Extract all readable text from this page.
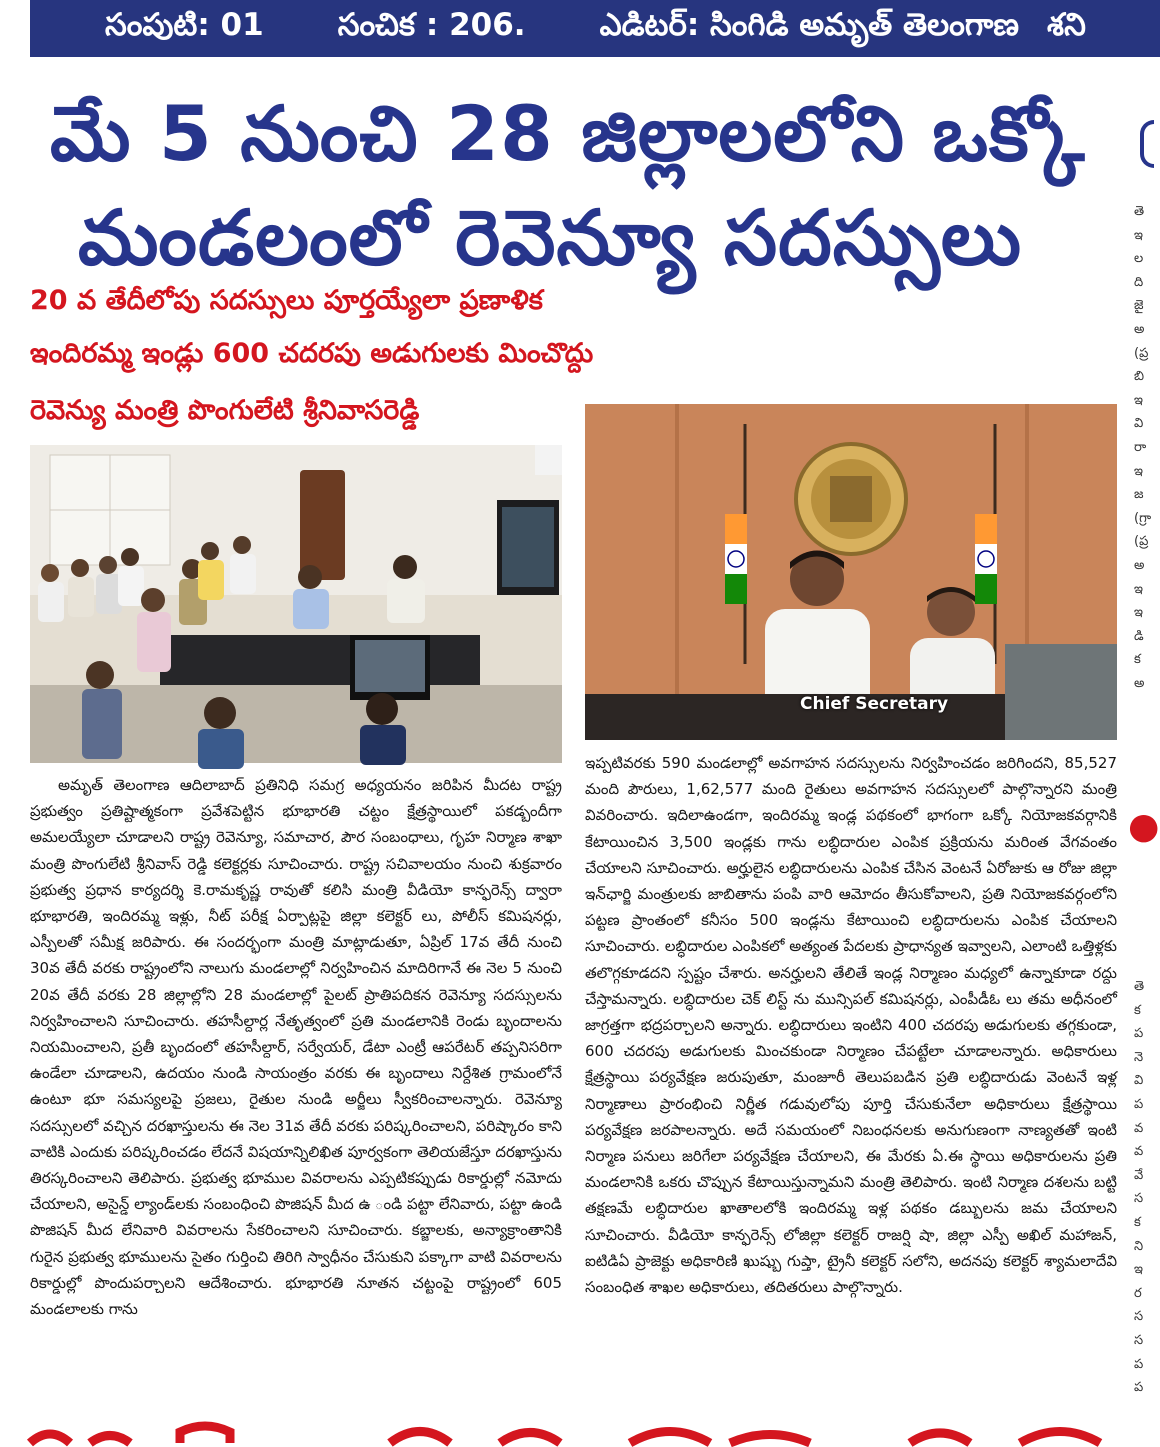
సంపుటి: 01 సంచిక : 206. ఎడిటర్: సింగిడి అమృత్ తెలంగాణ శని
మే 5 నుంచి 28 జిల్లాలలోని ఒక్కో
మండలంలో రెవెన్యూ సదస్సులు
20 వ తేదీలోపు సదస్సులు పూర్తయ్యేలా ప్రణాళిక
ఇందిరమ్మ ఇండ్లు 600 చదరపు అడుగులకు మించొద్దు
రెవెన్యు మంత్రి పొంగులేటి శ్రీనివాసరెడ్డి
Chief Secretary

అమృత్ తెలంగాణ ఆదిలాబాద్ ప్రతినిధి సమగ్ర అధ్యయనం జరిపిన మీదట రాష్ట్ర ప్రభుత్వం ప్రతిష్టాత్మకంగా ప్రవేశపెట్టిన భూభారతి చట్టం క్షేత్రస్థాయిలో పకడ్బందీగా అమలయ్యేలా చూడాలని రాష్ట్ర రెవెన్యూ, సమాచార, పౌర సంబంధాలు, గృహ నిర్మాణ శాఖా మంత్రి పొంగులేటి శ్రీనివాస్ రెడ్డి కలెక్టర్లకు సూచించారు. రాష్ట్ర సచివాలయం నుంచి శుక్రవారం ప్రభుత్వ ప్రధాన కార్యదర్శి కె.రామకృష్ణ రావుతో కలిసి మంత్రి వీడియో కాన్ఫరెన్స్ ద్వారా భూభారతి, ఇందిరమ్మ ఇళ్లు, నీట్ పరీక్ష ఏర్పాట్లపై జిల్లా కలెక్టర్ లు, పోలీస్ కమిషనర్లు, ఎస్పీలతో సమీక్ష జరిపారు. ఈ సందర్భంగా మంత్రి మాట్లాడుతూ, ఏప్రిల్ 17వ తేదీ నుంచి 30వ తేదీ వరకు రాష్ట్రంలోని నాలుగు మండలాల్లో నిర్వహించిన మాదిరిగానే ఈ నెల 5 నుంచి 20వ తేదీ వరకు 28 జిల్లాల్లోని 28 మండలాల్లో పైలట్ ప్రాతిపదికన రెవెన్యూ సదస్సులను నిర్వహించాలని సూచించారు. తహసీల్దార్ల నేతృత్వంలో ప్రతి మండలానికి రెండు బృందాలను నియమించాలని, ప్రతీ బృందంలో తహసీల్దార్, సర్వేయర్, డేటా ఎంట్రీ ఆపరేటర్ తప్పనిసరిగా ఉండేలా చూడాలని, ఉదయం నుండి సాయంత్రం వరకు ఈ బృందాలు నిర్దేశిత గ్రామంలోనే ఉంటూ భూ సమస్యలపై ప్రజలు, రైతుల నుండి అర్జీలు స్వీకరించాలన్నారు. రెవెన్యూ సదస్సులలో వచ్చిన దరఖాస్తులను ఈ నెల 31వ తేదీ వరకు పరిష్కరించాలని, పరిష్కారం కాని వాటికి ఎందుకు పరిష్కరించడం లేదనే విషయాన్నిలిఖిత పూర్వకంగా తెలియజేస్తూ దరఖాస్తును తిరస్కరించాలని తెలిపారు. ప్రభుత్వ భూముల వివరాలను ఎప్పటికప్పుడు రికార్డుల్లో నమోదు చేయాలని, అసైన్డ్ ల్యాండ్‌లకు సంబంధించి పొజిషన్ మీద ఉ ండి పట్టా లేనివారు, పట్టా ఉండి పొజిషన్ మీద లేనివారి వివరాలను సేకరించాలని సూచించారు. కబ్జాలకు, అన్యాక్రాంతానికి గురైన ప్రభుత్వ భూములను సైతం గుర్తించి తిరిగి స్వాధీనం చేసుకుని పక్కాగా వాటి వివరాలను రికార్డుల్లో పొందుపర్చాలని ఆదేశించారు. భూభారతి నూతన చట్టంపై రాష్ట్రంలో 605 మండలాలకు గాను

ఇప్పటివరకు 590 మండలాల్లో అవగాహన సదస్సులను నిర్వహించడం జరిగిందని, 85,527 మంది పౌరులు, 1,62,577 మంది రైతులు అవగాహన సదస్సులలో పాల్గొన్నారని మంత్రి వివరించారు. ఇదిలాఉండగా, ఇందిరమ్మ ఇండ్ల పథకంలో భాగంగా ఒక్కో నియోజకవర్గానికి కేటాయించిన 3,500 ఇండ్లకు గాను లబ్ధిదారుల ఎంపిక ప్రక్రియను మరింత వేగవంతం చేయాలని సూచించారు. అర్హులైన లబ్ధిదారులను ఎంపిక చేసిన వెంటనే ఏరోజుకు ఆ రోజు జిల్లా ఇన్‌ఛార్జి మంత్రులకు జాబితాను పంపి వారి ఆమోదం తీసుకోవాలని, ప్రతి నియోజకవర్గంలోని పట్టణ ప్రాంతంలో కనీసం 500 ఇండ్లను కేటాయించి లబ్ధిదారులను ఎంపిక చేయాలని సూచించారు. లబ్ధిదారుల ఎంపికలో అత్యంత పేదలకు ప్రాధాన్యత ఇవ్వాలని, ఎలాంటి ఒత్తిళ్లకు తలొగ్గకూడదని స్పష్టం చేశారు. అనర్హులని తేలితే ఇండ్ల నిర్మాణం మధ్యలో ఉన్నాకూడా రద్దు చేస్తామన్నారు. లబ్ధిదారుల చెక్ లిస్ట్ ను మున్సిపల్ కమిషనర్లు, ఎంపీడీఓ లు తమ అధీనంలో జాగ్రత్తగా భద్రపర్చాలని అన్నారు. లబ్ధిదారులు ఇంటిని 400 చదరపు అడుగులకు తగ్గకుండా, 600 చదరపు అడుగులకు మించకుండా నిర్మాణం చేపట్టేలా చూడాలన్నారు. అధికారులు క్షేత్రస్థాయి పర్యవేక్షణ జరుపుతూ, మంజూరీ తెలుపబడిన ప్రతి లబ్ధిదారుడు వెంటనే ఇళ్ల నిర్మాణాలు ప్రారంభించి నిర్ణీత గడువులోపు పూర్తి చేసుకునేలా అధికారులు క్షేత్రస్థాయి పర్యవేక్షణ జరపాలన్నారు. అదే సమయంలో నిబంధనలకు అనుగుణంగా నాణ్యతతో ఇంటి నిర్మాణ పనులు జరిగేలా పర్యవేక్షణ చేయాలని, ఈ మేరకు ఏ.ఈ స్థాయి అధికారులను ప్రతి మండలానికి ఒకరు చొప్పున కేటాయిస్తున్నామని మంత్రి తెలిపారు. ఇంటి నిర్మాణ దశలను బట్టి తక్షణమే లబ్ధిదారుల ఖాతాలలోకి ఇందిరమ్మ ఇళ్ల పథకం డబ్బులను జమ చేయాలని సూచించారు. వీడియో కాన్ఫరెన్స్ లోజిల్లా కలెక్టర్ రాజర్షి షా, జిల్లా ఎస్పీ అఖిల్ మహాజన్, ఐటిడిఏ ప్రాజెక్టు అధికారిణి ఖుష్బు గుప్తా, ట్రైనీ కలెక్టర్ సలోని, అదనపు కలెక్టర్ శ్యామలాదేవి సంబంధిత శాఖల అధికారులు, తదితరులు పాల్గొన్నారు.

తె
ఇ
ల
ది
జై
అ
(ప్ర
బి
ఇ
వి
రా
ఇ
జ
(గ్రా
(ప్ర
అ
ఇ
ఇ
డి
క
అ
●
తె
క
ప
నె
వి
ప
వ
వ
వే
స
క
ని
ఇ
ర
స
స
ప
ప
